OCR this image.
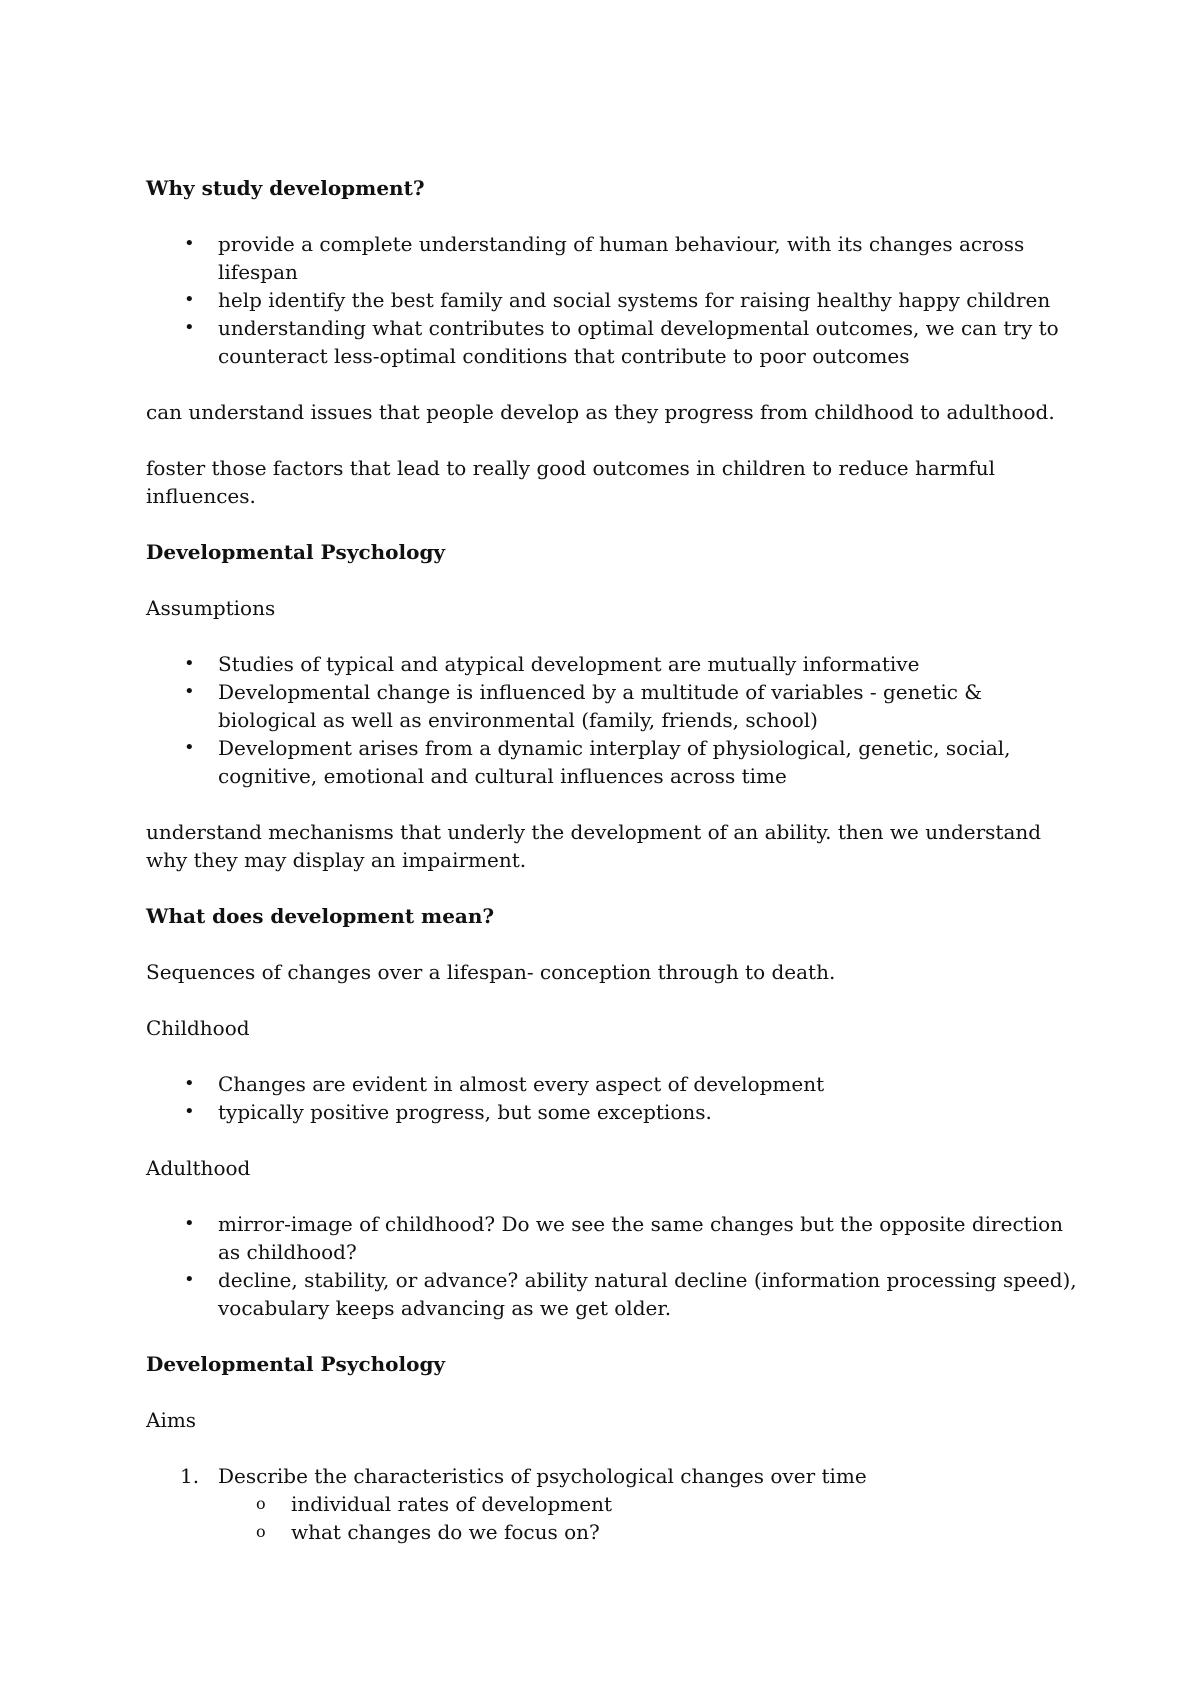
Why study development?
• provide a complete understanding of human behaviour, with its changes across lifespan
• help identify the best family and social systems for raising healthy happy children
• understanding what contributes to optimal developmental outcomes, we can try to counteract less-optimal conditions that contribute to poor outcomes
can understand issues that people develop as they progress from childhood to adulthood.
foster those factors that lead to really good outcomes in children to reduce harmful influences.
Developmental Psychology
Assumptions
• Studies of typical and atypical development are mutually informative
• Developmental change is influenced by a multitude of variables - genetic & biological as well as environmental (family, friends, school)
• Development arises from a dynamic interplay of physiological, genetic, social, cognitive, emotional and cultural influences across time
understand mechanisms that underly the development of an ability. then we understand why they may display an impairment.
What does development mean?
Sequences of changes over a lifespan- conception through to death.
Childhood
• Changes are evident in almost every aspect of development
• typically positive progress, but some exceptions.
Adulthood
• mirror-image of childhood? Do we see the same changes but the opposite direction as childhood?
• decline, stability, or advance? ability natural decline (information processing speed), vocabulary keeps advancing as we get older.
Developmental Psychology
Aims
1. Describe the characteristics of psychological changes over time
o individual rates of development
o what changes do we focus on?
